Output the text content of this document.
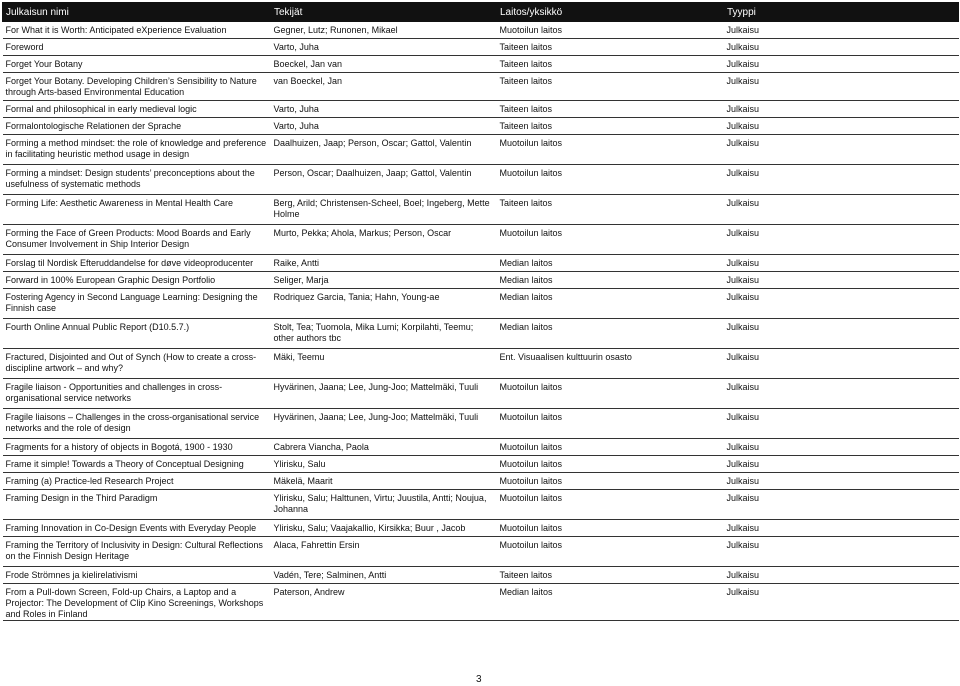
Julkaisun nimi	Tekijät	Laitos/yksikkö	Tyyppi
For What it is Worth: Anticipated eXperience Evaluation	Gegner, Lutz; Runonen, Mikael	Muotoilun laitos	Julkaisu
Foreword	Varto, Juha	Taiteen laitos	Julkaisu
Forget Your Botany	Boeckel, Jan van	Taiteen laitos	Julkaisu
Forget Your Botany. Developing Children’s Sensibility to Nature through Arts-based Environmental Education	van Boeckel, Jan	Taiteen laitos	Julkaisu
Formal and philosophical in early medieval logic	Varto, Juha	Taiteen laitos	Julkaisu
Formalontologische Relationen der Sprache	Varto, Juha	Taiteen laitos	Julkaisu
Forming a method mindset: the role of knowledge and preference in facilitating heuristic method usage in design	Daalhuizen, Jaap; Person, Oscar; Gattol, Valentin	Muotoilun laitos	Julkaisu
Forming a mindset: Design students’ preconceptions about the usefulness of systematic methods	Person, Oscar; Daalhuizen, Jaap; Gattol, Valentin	Muotoilun laitos	Julkaisu
Forming Life: Aesthetic Awareness in Mental Health Care	Berg, Arild; Christensen-Scheel, Boel; Ingeberg, Mette Holme	Taiteen laitos	Julkaisu
Forming the Face of Green Products: Mood Boards and Early Consumer Involvement in Ship Interior Design	Murto, Pekka; Ahola, Markus; Person, Oscar	Muotoilun laitos	Julkaisu
Forslag til Nordisk Efteruddandelse for døve videoproducenter	Raike, Antti	Median laitos	Julkaisu
Forward in 100% European Graphic Design Portfolio	Seliger, Marja	Median laitos	Julkaisu
Fostering Agency in Second Language Learning: Designing the Finnish case	Rodriquez Garcia, Tania; Hahn, Young-ae	Median laitos	Julkaisu
Fourth Online Annual Public Report (D10.5.7.)	Stolt, Tea; Tuomola, Mika Lumi; Korpilahti, Teemu; other authors tbc	Median laitos	Julkaisu
Fractured, Disjointed and Out of Synch (How to create a cross-discipline artwork – and why?	Mäki, Teemu	Ent. Visuaalisen kulttuurin osasto	Julkaisu
Fragile liaison - Opportunities and challenges in cross-organisational service networks	Hyvärinen, Jaana; Lee, Jung-Joo; Mattelmäki, Tuuli	Muotoilun laitos	Julkaisu
Fragile liaisons – Challenges in the cross-organisational service networks and the role of design	Hyvärinen, Jaana; Lee, Jung-Joo; Mattelmäki, Tuuli	Muotoilun laitos	Julkaisu
Fragments for a history of objects in Bogotá, 1900 - 1930	Cabrera Viancha, Paola	Muotoilun laitos	Julkaisu
Frame it simple! Towards a Theory of Conceptual Designing	Ylirisku, Salu	Muotoilun laitos	Julkaisu
Framing (a) Practice-led Research Project	Mäkelä, Maarit	Muotoilun laitos	Julkaisu
Framing Design in the Third Paradigm	Ylirisku, Salu; Halttunen, Virtu; Juustila, Antti; Noujua, Johanna	Muotoilun laitos	Julkaisu
Framing Innovation in Co-Design Events with Everyday People	Ylirisku, Salu; Vaajakallio, Kirsikka; Buur , Jacob	Muotoilun laitos	Julkaisu
Framing the Territory of Inclusivity in Design: Cultural Reflections on the Finnish Design Heritage	Alaca, Fahrettin Ersin	Muotoilun laitos	Julkaisu
Frode Strömnes ja kielirelativismi	Vadén, Tere; Salminen, Antti	Taiteen laitos	Julkaisu
From a Pull-down Screen, Fold-up Chairs, a Laptop and a Projector: The Development of Clip Kino Screenings, Workshops and Roles in Finland	Paterson, Andrew	Median laitos	Julkaisu
3
